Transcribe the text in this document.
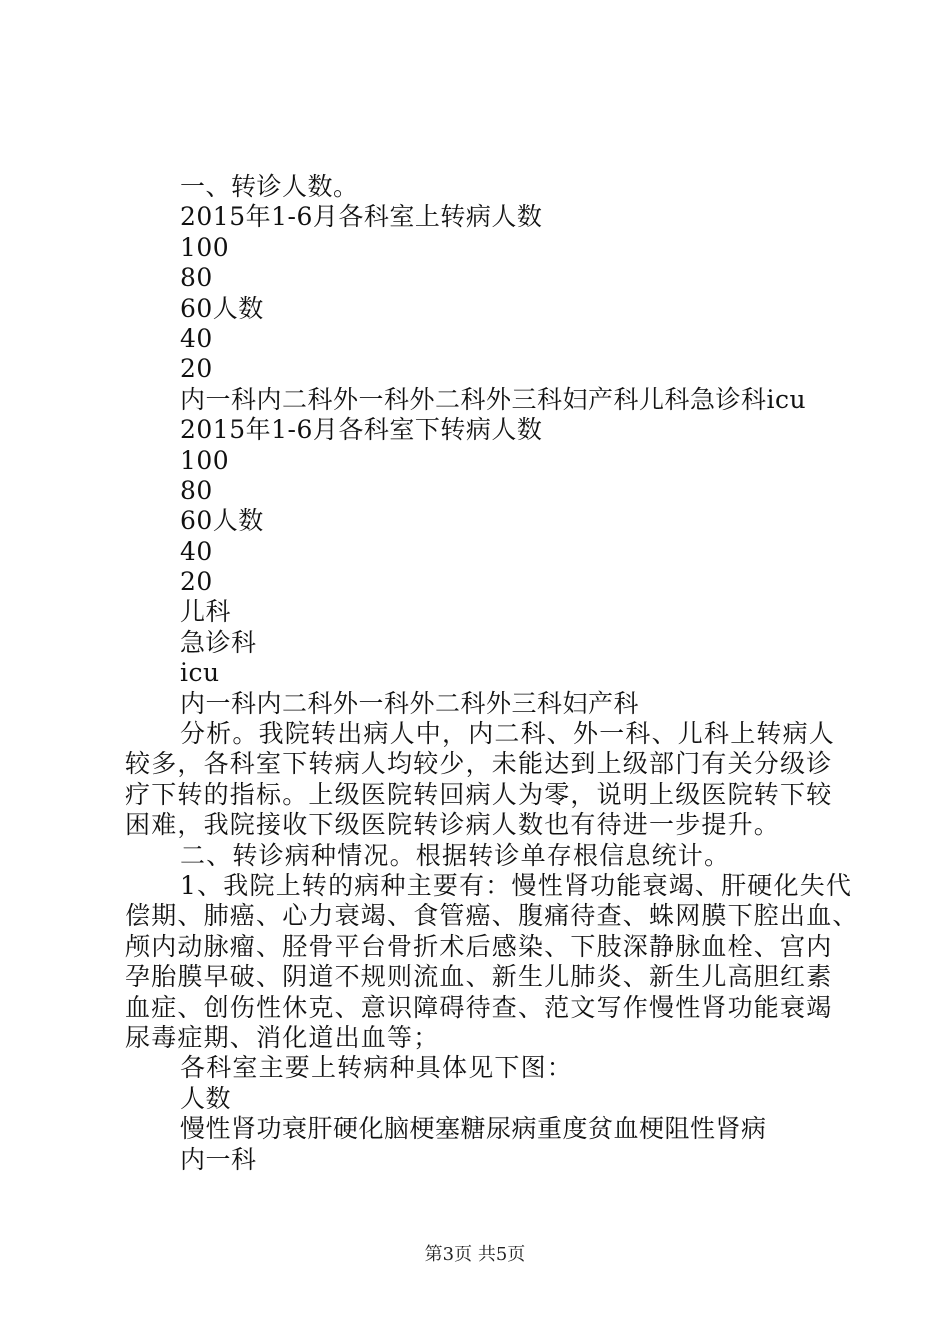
一、转诊人数。
2015年1-6月各科室上转病人数
100
80
60人数
40
20
内一科内二科外一科外二科外三科妇产科儿科急诊科icu
2015年1-6月各科室下转病人数
100
80
60人数
40
20
儿科
急诊科
icu
内一科内二科外一科外二科外三科妇产科
分析。我院转出病人中，内二科、外一科、儿科上转病人
较多，各科室下转病人均较少，未能达到上级部门有关分级诊
疗下转的指标。上级医院转回病人为零，说明上级医院转下较
困难，我院接收下级医院转诊病人数也有待进一步提升。
二、转诊病种情况。根据转诊单存根信息统计。
1、我院上转的病种主要有：慢性肾功能衰竭、肝硬化失代
偿期、肺癌、心力衰竭、食管癌、腹痛待查、蛛网膜下腔出血、
颅内动脉瘤、胫骨平台骨折术后感染、下肢深静脉血栓、宫内
孕胎膜早破、阴道不规则流血、新生儿肺炎、新生儿高胆红素
血症、创伤性休克、意识障碍待查、范文写作慢性肾功能衰竭
尿毒症期、消化道出血等；
各科室主要上转病种具体见下图：
人数
慢性肾功衰肝硬化脑梗塞糖尿病重度贫血梗阻性肾病
内一科
第3页 共5页
